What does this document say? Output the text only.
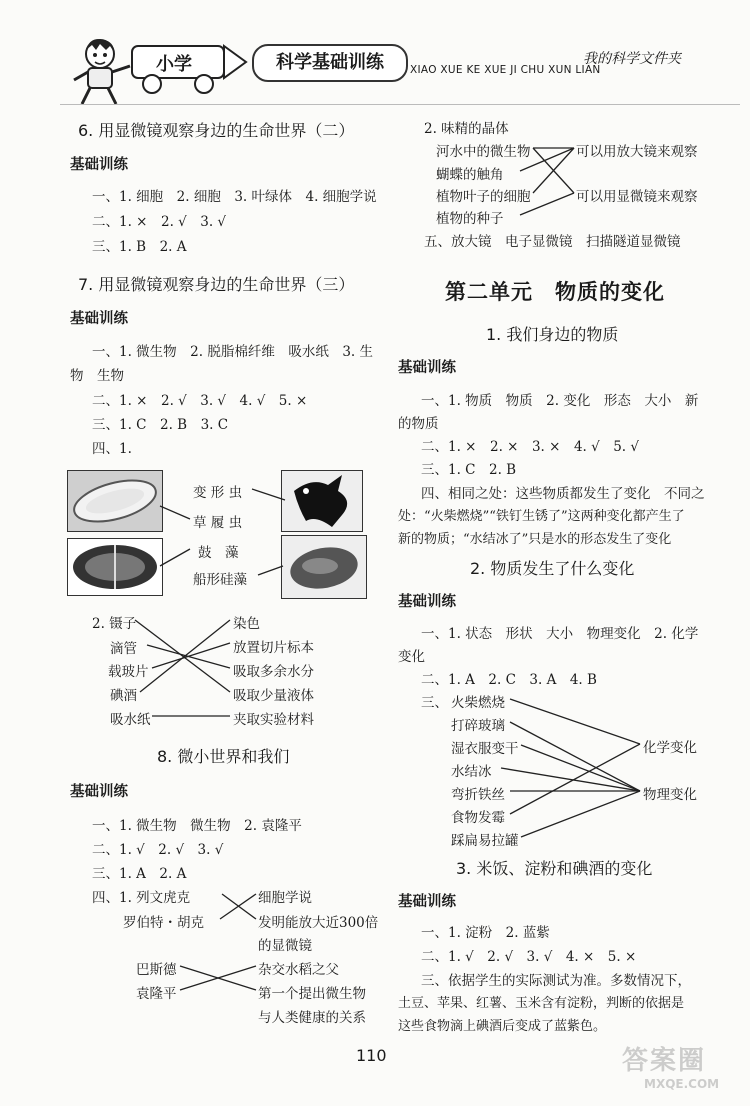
小学	科学基础训练	XIAO XUE KE XUE JI CHU XUN LIAN
我的科学文件夹
6. 用显微镜观察身边的生命世界（二）
基础训练
一、1. 细胞　2. 细胞　3. 叶绿体　4. 细胞学说
二、1. ×　2. √　3. √
三、1. B　2. A
7. 用显微镜观察身边的生命世界（三）
基础训练
一、1. 微生物　2. 脱脂棉纤维　吸水纸　3. 生
物　生物
二、1. ×　2. √　3. √　4. √　5. ×
三、1. C　2. B　3. C
四、1.
变 形 虫
草 履 虫
鼓　藻
船形硅藻
2. 镊子
滴管
载玻片
碘酒
吸水纸
染色
放置切片标本
吸取多余水分
吸取少量液体
夹取实验材料
8. 微小世界和我们
基础训练
一、1. 微生物　微生物　2. 袁隆平
二、1. √　2. √　3. √
三、1. A　2. A
四、1. 列文虎克
罗伯特・胡克
巴斯德
袁隆平
细胞学说
发明能放大近300倍
的显微镜
杂交水稻之父
第一个提出微生物
与人类健康的关系
2. 味精的晶体
河水中的微生物
蝴蝶的触角
植物叶子的细胞
植物的种子
可以用放大镜来观察
可以用显微镜来观察
五、放大镜　电子显微镜　扫描隧道显微镜
第二单元　物质的变化
1. 我们身边的物质
基础训练
一、1. 物质　物质　2. 变化　形态　大小　新
的物质
二、1. ×　2. ×　3. ×　4. √　5. √
三、1. C　2. B
四、相同之处：这些物质都发生了变化　不同之
处：“火柴燃烧”“铁钉生锈了”这两种变化都产生了
新的物质；“水结冰了”只是水的形态发生了变化
2. 物质发生了什么变化
基础训练
一、1. 状态　形状　大小　物理变化　2. 化学
变化
二、1. A　2. C　3. A　4. B
三、 火柴燃烧
打碎玻璃
湿衣服变干
水结冰
弯折铁丝
食物发霉
踩扁易拉罐
化学变化
物理变化
3. 米饭、淀粉和碘酒的变化
基础训练
一、1. 淀粉　2. 蓝紫
二、1. √　2. √　3. √　4. ×　5. ×
三、依据学生的实际测试为准。多数情况下，
土豆、苹果、红薯、玉米含有淀粉，判断的依据是
这些食物滴上碘酒后变成了蓝紫色。
110	答案圈
MXQE.COM
